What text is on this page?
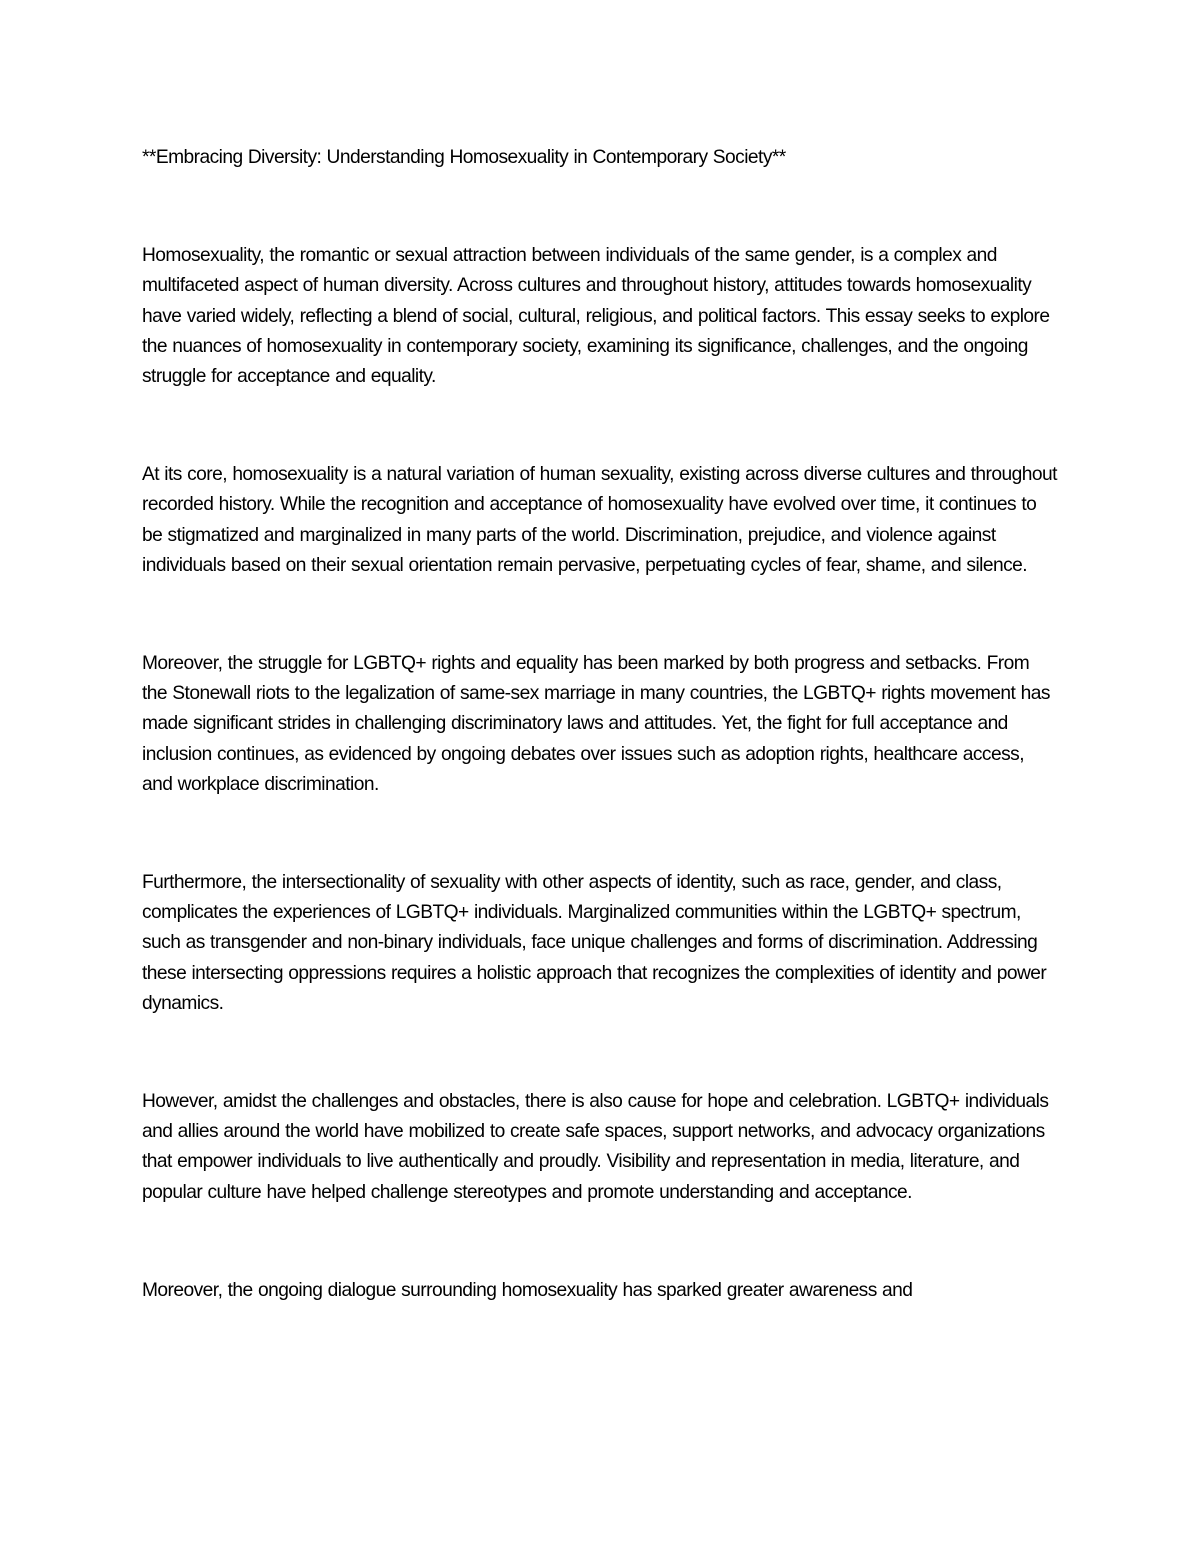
**Embracing Diversity: Understanding Homosexuality in Contemporary Society**

Homosexuality, the romantic or sexual attraction between individuals of the same gender, is a complex and multifaceted aspect of human diversity. Across cultures and throughout history, attitudes towards homosexuality have varied widely, reflecting a blend of social, cultural, religious, and political factors. This essay seeks to explore the nuances of homosexuality in contemporary society, examining its significance, challenges, and the ongoing struggle for acceptance and equality.

At its core, homosexuality is a natural variation of human sexuality, existing across diverse cultures and throughout recorded history. While the recognition and acceptance of homosexuality have evolved over time, it continues to be stigmatized and marginalized in many parts of the world. Discrimination, prejudice, and violence against individuals based on their sexual orientation remain pervasive, perpetuating cycles of fear, shame, and silence.

Moreover, the struggle for LGBTQ+ rights and equality has been marked by both progress and setbacks. From the Stonewall riots to the legalization of same-sex marriage in many countries, the LGBTQ+ rights movement has made significant strides in challenging discriminatory laws and attitudes. Yet, the fight for full acceptance and inclusion continues, as evidenced by ongoing debates over issues such as adoption rights, healthcare access, and workplace discrimination.

Furthermore, the intersectionality of sexuality with other aspects of identity, such as race, gender, and class, complicates the experiences of LGBTQ+ individuals. Marginalized communities within the LGBTQ+ spectrum, such as transgender and non-binary individuals, face unique challenges and forms of discrimination. Addressing these intersecting oppressions requires a holistic approach that recognizes the complexities of identity and power dynamics.

However, amidst the challenges and obstacles, there is also cause for hope and celebration. LGBTQ+ individuals and allies around the world have mobilized to create safe spaces, support networks, and advocacy organizations that empower individuals to live authentically and proudly. Visibility and representation in media, literature, and popular culture have helped challenge stereotypes and promote understanding and acceptance.

Moreover, the ongoing dialogue surrounding homosexuality has sparked greater awareness and
